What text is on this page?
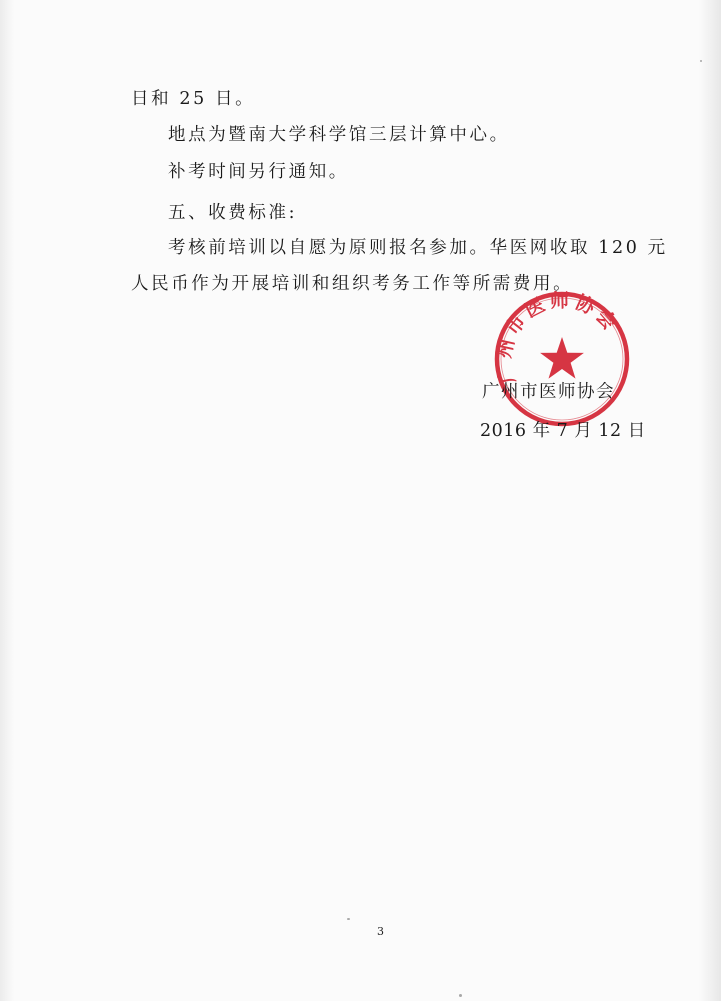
日和 25 日。
地点为暨南大学科学馆三层计算中心。
补考时间另行通知。
五、收费标准:
考核前培训以自愿为原则报名参加。华医网收取 120 元
人民币作为开展培训和组织考务工作等所需费用。
广州市医师协会
广州市医师协会
2016 年 7 月 12 日
3
